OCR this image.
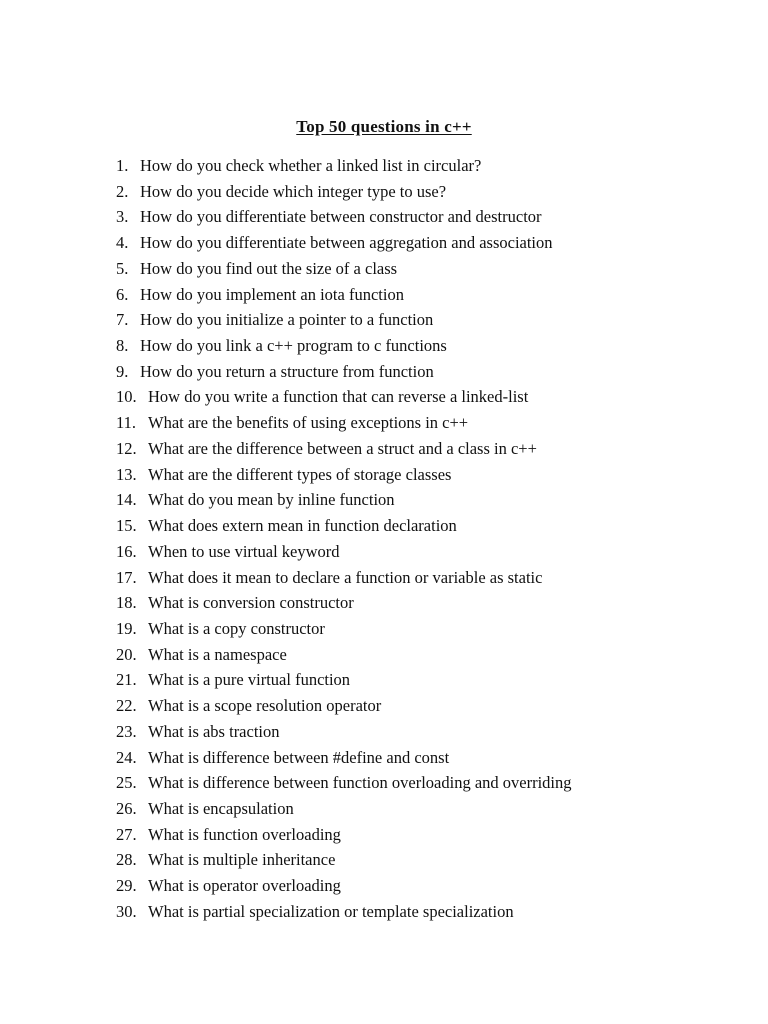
Top 50 questions in c++
1. How do you check whether a linked list in circular?
2. How do you decide which integer type to use?
3. How do you differentiate between constructor and destructor
4. How do you differentiate between aggregation and association
5. How do you find out the size of a class
6. How do you implement an iota function
7. How do you initialize a pointer to a function
8. How do you link a c++ program to c functions
9. How do you return a structure from function
10. How do you write a function that can reverse a linked-list
11. What are the benefits of using exceptions in c++
12. What are the difference between a struct and a class in c++
13. What are the different types of storage classes
14. What do you mean by inline function
15. What does extern mean in function declaration
16. When to use virtual keyword
17. What does it mean to declare a function or variable as static
18. What is conversion constructor
19. What is a copy constructor
20. What is a namespace
21. What is a pure virtual function
22. What is a scope resolution operator
23. What is abs traction
24. What is difference between #define and const
25. What is difference between function overloading and overriding
26. What is encapsulation
27. What is function overloading
28. What is multiple inheritance
29. What is operator overloading
30. What is partial specialization or template specialization
